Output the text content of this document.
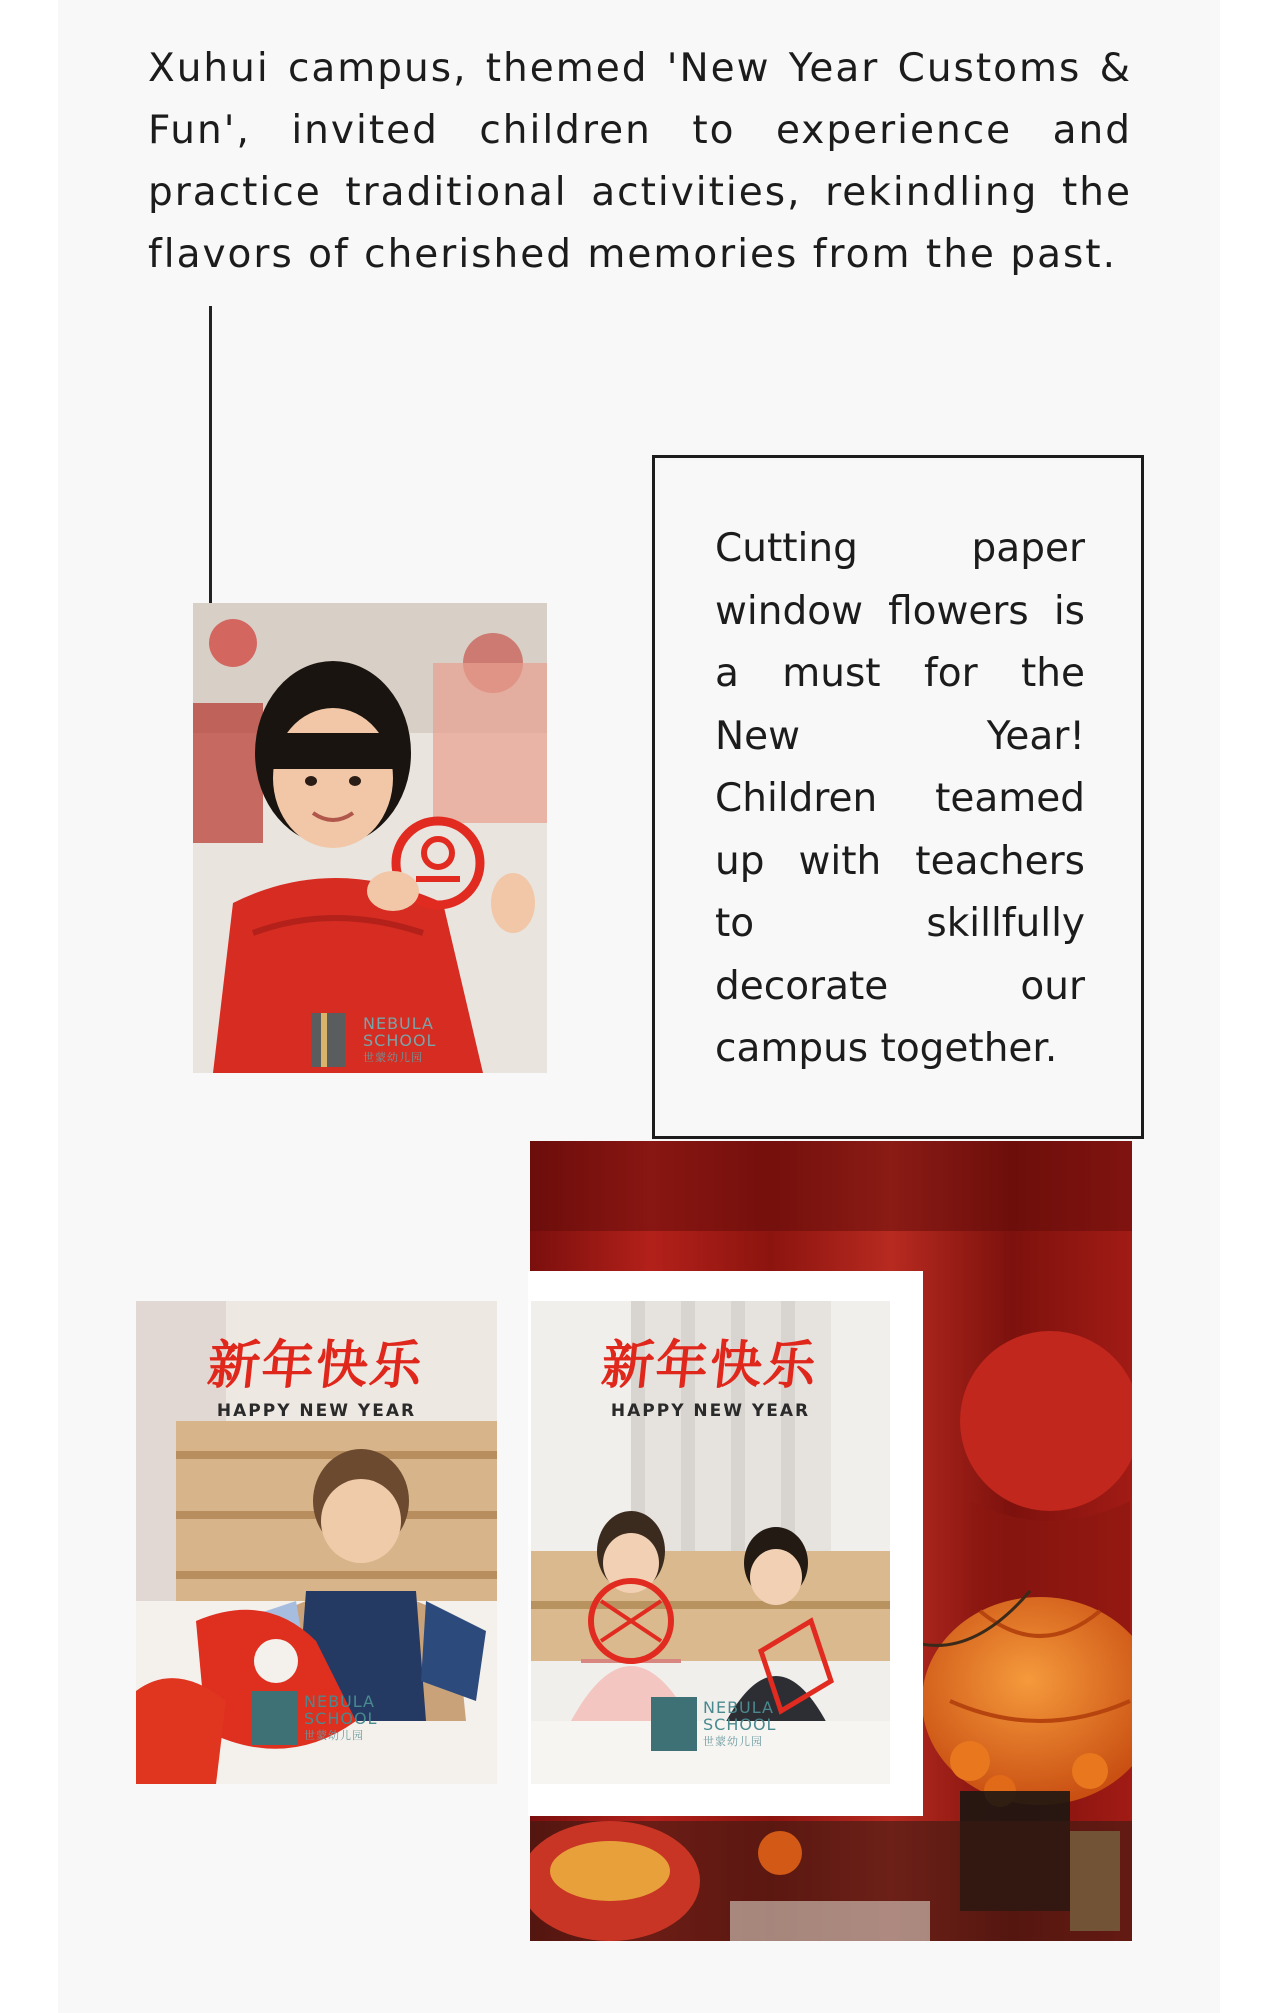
Xuhui campus, themed 'New Year Customs & Fun', invited children to experience and practice traditional activities, rekindling the flavors of cherished memories from the past.

NEBULA
SCHOOL
世蒙幼儿园

Cutting paper window flowers is a must for the New Year! Children teamed up with teachers to skillfully decorate our campus together.

新年快乐
HAPPY NEW YEAR
NEBULA
SCHOOL
世蒙幼儿园
新年快乐
HAPPY NEW YEAR
NEBULA
SCHOOL
世蒙幼儿园
